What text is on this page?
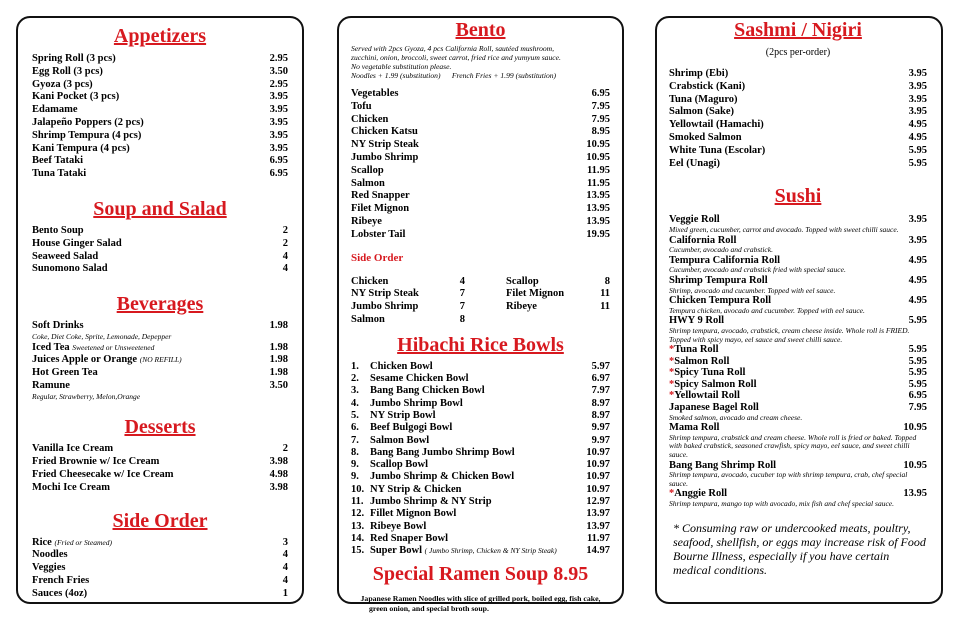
Appetizers
Spring Roll (3 pcs)	2.95
Egg Roll (3 pcs)	3.50
Gyoza (3 pcs)	2.95
Kani Pocket (3 pcs)	3.95
Edamame	3.95
Jalapeño Poppers (2 pcs)	3.95
Shrimp Tempura (4 pcs)	3.95
Kani Tempura (4 pcs)	3.95
Beef Tataki	6.95
Tuna Tataki	6.95
Soup and Salad
Bento Soup	2
House Ginger Salad	2
Seaweed Salad	4
Sunomono Salad	4
Beverages
Soft Drinks	1.98
Coke, Diet Coke, Sprite, Lemonade, Depepper
Iced Tea Sweetened or Unsweetened	1.98
Juices Apple or Orange (NO REFILL)	1.98
Hot Green Tea	1.98
Ramune	3.50
Regular, Strawberry, Melon,Orange
Desserts
Vanilla Ice Cream	2
Fried Brownie w/ Ice Cream	3.98
Fried Cheesecake w/ Ice Cream	4.98
Mochi Ice Cream	3.98
Side Order
Rice (Fried or Steamed)	3
Noodles	4
Veggies	4
French Fries	4
Sauces (4oz)	1
Bento
Served with 2pcs Gyoza, 4 pcs California Roll, sautéed mushroom,
zucchini, onion, broccoli, sweet carrot, fried rice and yumyum sauce.
No vegetable substitution please.
Noodles + 1.99 (substitution)      French Fries + 1.99 (substitution)
Vegetables	6.95
Tofu	7.95
Chicken	7.95
Chicken Katsu	8.95
NY Strip Steak	10.95
Jumbo Shrimp	10.95
Scallop	11.95
Salmon	11.95
Red Snapper	13.95
Filet Mignon	13.95
Ribeye	13.95
Lobster Tail	19.95
Side Order
Chicken	4
NY Strip Steak	7
Jumbo Shrimp	7
Salmon	8
Scallop	8
Filet Mignon	11
Ribeye	11
Hibachi Rice Bowls
1.	Chicken Bowl	5.97
2.	Sesame Chicken Bowl	6.97
3.	Bang Bang Chicken Bowl	7.97
4.	Jumbo Shrimp Bowl	8.97
5.	NY Strip Bowl	8.97
6.	Beef Bulgogi Bowl	9.97
7.	Salmon Bowl	9.97
8.	Bang Bang Jumbo Shrimp Bowl	10.97
9.	Scallop Bowl	10.97
9.	Jumbo Shrimp & Chicken Bowl	10.97
10. NY Strip & Chicken	10.97
11. Jumbo Shrimp & NY Strip	12.97
12. Fillet Mignon Bowl	13.97
13. Ribeye Bowl	13.97
14. Red Snaper Bowl	11.97
15. Super Bowl ( Jumbo Shrimp, Chicken & NY Strip Steak)	14.97
Special Ramen Soup 8.95
Japanese Ramen Noodles with slice of grilled pork, boiled egg, fish cake,
green onion, and special broth soup.
Sashmi / Nigiri
(2pcs per-order)
Shrimp (Ebi)	3.95
Crabstick (Kani)	3.95
Tuna (Maguro)	3.95
Salmon (Sake)	3.95
Yellowtail (Hamachi)	4.95
Smoked Salmon	4.95
White Tuna (Escolar)	5.95
Eel (Unagi)	5.95
Sushi
Veggie Roll	3.95
Mixed green, cucumber, carrot and avocado. Topped with sweet chilli sauce.
California Roll	3.95
Cucumber, avocado and crabstick.
Tempura California Roll	4.95
Cucumber, avocado and crabstick fried with special sauce.
Shrimp Tempura Roll	4.95
Shrimp, avocado and cucumber. Topped with eel sauce.
Chicken Tempura Roll	4.95
Tempura chicken, avocado and cucumber. Topped with eel sauce.
HWY 9 Roll	5.95
Shrimp tempura, avocado, crabstick, cream cheese inside. Whole roll is FRIED. Topped with spicy mayo, eel sauce and sweet chilli sauce.
*Tuna Roll	5.95
*Salmon Roll	5.95
*Spicy Tuna Roll	5.95
*Spicy Salmon Roll	5.95
*Yellowtail Roll	6.95
Japanese Bagel Roll	7.95
Smoked salmon, avocado and cream cheese.
Mama Roll	10.95
Shrimp tempura, crabstick and cream cheese. Whole roll is fried or baked. Topped with baked crabstick, seasoned crawfish, spicy mayo, eel sauce, and sweet chilli sauce.
Bang Bang Shrimp Roll	10.95
Shrimp tempura, avocado, cucuber top with shrimp tempura, crab, chef special sauce.
*Anggie Roll	13.95
Shrimp tempura, mango top with avocado, mix fish and chef special sauce.
* Consuming raw or undercooked meats, poultry, seafood, shellfish, or eggs may increase risk of Food Bourne Illness, especially if you have certain medical conditions.
